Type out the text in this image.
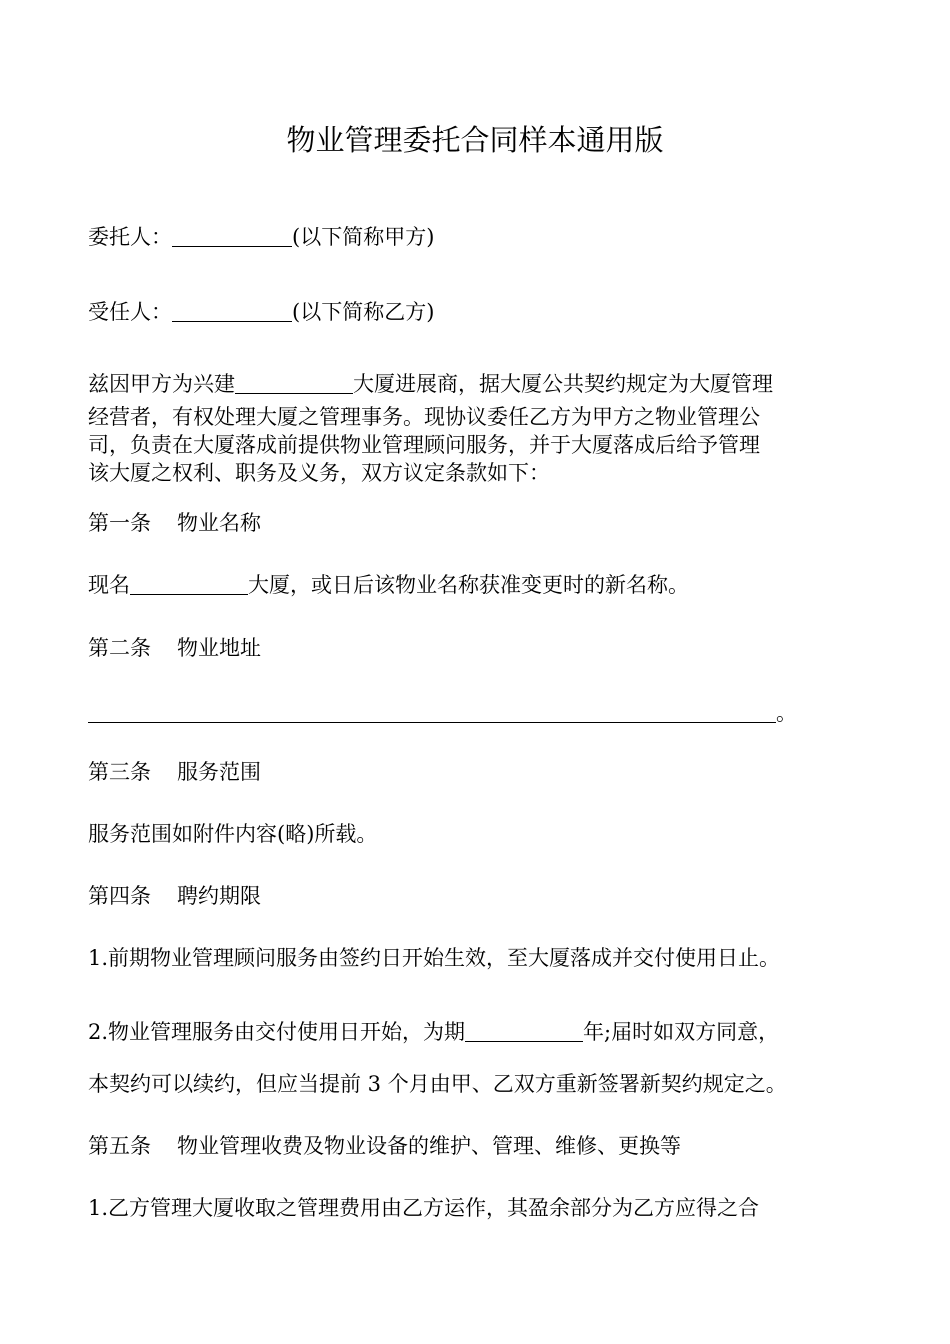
物业管理委托合同样本通用版
委托人：	(以下简称甲方)
受任人：	(以下简称乙方)
兹因甲方为兴建	大厦进展商，据大厦公共契约规定为大厦管理
经营者，有权处理大厦之管理事务。现协议委任乙方为甲方之物业管理公
司，负责在大厦落成前提供物业管理顾问服务，并于大厦落成后给予管理
该大厦之权利、职务及义务，双方议定条款如下：
第一条 物业名称
现名	大厦，或日后该物业名称获准变更时的新名称。
第二条 物业地址
。
第三条 服务范围
服务范围如附件内容(略)所载。
第四条 聘约期限
1.前期物业管理顾问服务由签约日开始生效，至大厦落成并交付使用日止。
2.物业管理服务由交付使用日开始，为期	年;届时如双方同意，
本契约可以续约，但应当提前 3 个月由甲、乙双方重新签署新契约规定之。
第五条 物业管理收费及物业设备的维护、管理、维修、更换等
1.乙方管理大厦收取之管理费用由乙方运作，其盈余部分为乙方应得之合
